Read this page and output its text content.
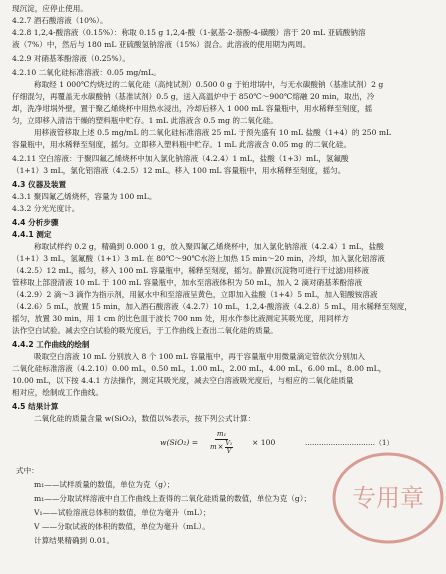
现沉淀，应停止使用。
4.2.7 酒石酸溶液（10%）。
4.2.8 1,2,4-酸溶液（0.15%）：称取 0.15 g 1,2,4-酸（1-氨基-2-萘酚-4-磺酸）溶于 20 mL 亚硫酸钠溶
液（7%）中，然后与 180 mL 亚硫酸氢钠溶液（15%）混合。此溶液的使用期为两周。
4.2.9 对硝基苯酚溶液（0.25%）。
4.2.10 二氧化硅标准溶液：0.05 mg/mL。
称取经 1 000℃灼烧过的二氧化硅（高纯试剂）0.500 0 g 于铂坩埚中，与无水碳酸钠（基准试剂）2 g
仔细混匀，再覆盖无水碳酸钠（基准试剂）0.5 g，送入高温炉中于 850℃～900℃熔融 20 min，取出，冷
却，洗净坩埚外壁，置于聚乙烯烧杯中用热水浸出，冷却后移入 1 000 mL 容量瓶中，用水稀释至刻度，摇
匀，立即移入清洁干燥的塑料瓶中贮存。1 mL 此溶液含 0.5 mg 的二氧化硅。
用移液管移取上述 0.5 mg/mL 的二氧化硅标准溶液 25 mL 于预先盛有 10 mL 盐酸（1+4）的 250 mL
容量瓶中，用水稀释至刻度，摇匀。立即移入塑料瓶中贮存。1 mL 此溶液含 0.05 mg 的二氧化硅。
4.2.11 空白溶液：于聚四氟乙烯烧杯中加入氯化钠溶液（4.2.4）1 mL，盐酸（1+3）mL，氢氟酸
（1+1）3 mL，氯化铝溶液（4.2.5）12 mL。移入 100 mL 容量瓶中，用水稀释至刻度，摇匀。
4.3 仪器及装置
4.3.1 聚四氟乙烯烧杯，容量为 100 mL。
4.3.2 分光光度计。
4.4 分析步骤
4.4.1 测定
称取试样约 0.2 g，精确到 0.000 1 g，放入聚四氟乙烯烧杯中，加入氯化钠溶液（4.2.4）1 mL，盐酸
（1+1）3 mL，氢氟酸（1+1）3 mL 在 80℃～90℃水浴上加热 15 min～20 min，冷却，加入氯化铝溶液
（4.2.5）12 mL，摇匀，移入 100 mL 容量瓶中，稀释至刻度，摇匀。静置(沉淀物可进行干过滤)用移液
管移取上部澄清液 10 mL 于 100 mL 容量瓶中，加水至溶液体积为 50 mL，加入 2 滴对硝基苯酚溶液
（4.2.9）2 滴～3 滴作为指示剂，用氨水中和至溶液呈黄色，立即加入盐酸（1+4）5 mL，加入钼酸铵溶液
（4.2.6）5 mL，放置 15 min，加入酒石酸溶液（4.2.7）10 mL，1,2,4-酸溶液（4.2.8）5 mL，用水稀释至刻度，
摇匀，放置 30 min，用 1 cm 的比色皿于波长 700 nm 处，用水作参比液测定其吸光度，用同样方
法作空白试验。减去空白试验的吸光度后，于工作曲线上查出二氧化硅的质量。
4.4.2 工作曲线的绘制
吸取空白溶液 10 mL 分别放入 8 个 100 mL 容量瓶中，再于容量瓶中用微量滴定管依次分别加入
二氧化硅标准溶液（4.2.10）0.00 mL，0.50 mL，1.00 mL，2.00 mL，4.00 mL，6.00 mL，8.00 mL，
10.00 mL，以下按 4.4.1 方法操作，测定其吸光度，减去空白溶液吸光度后，与相应的二氧化硅质量
相对应，绘制成工作曲线。
4.5 结果计算
二氧化硅的质量含量 w(SiO₂)，数值以%表示，按下列公式计算：
$w(SiO_2) = \frac{\text{m₁}}{m \times \frac{\text{V₁}}{V}} \times 100$	…………………………（1）
式中：
m₁——试样质量的数值，单位为克（g）；
m₁——分取试样溶液中自工作曲线上查得的二氧化硅质量的数值，单位为克（g）；
V₁——试验溶液总体积的数值，单位为毫升（mL）；
V ——分取试液的体积的数值，单位为毫升（mL）。
计算结果精确到 0.01。
专用章
